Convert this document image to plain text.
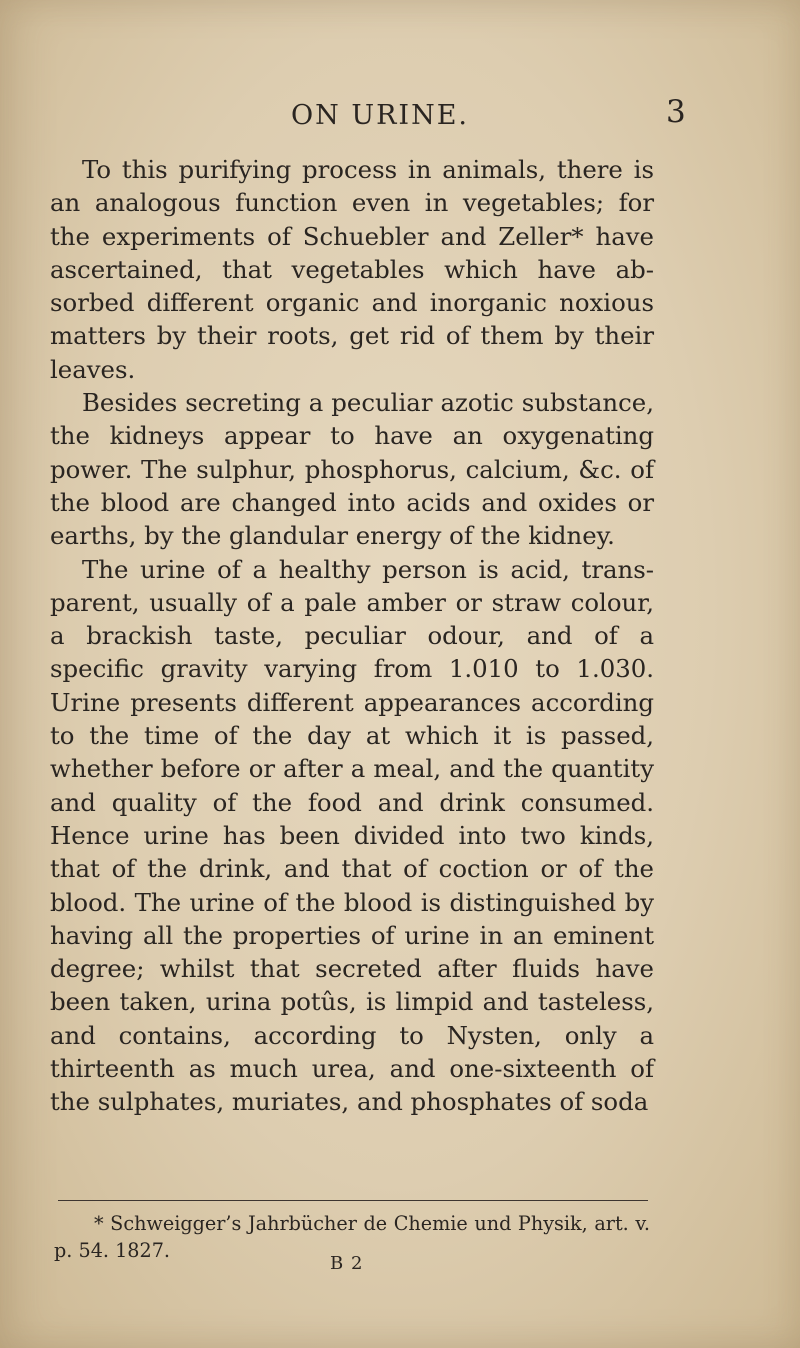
ON URINE.	3

To this purifying process in animals, there is an analogous function even in vegetables; for the experiments of Schuebler and Zeller* have ascertained, that vegetables which have absorbed different organic and inorganic noxious matters by their roots, get rid of them by their leaves.

Besides secreting a peculiar azotic substance, the kidneys appear to have an oxygenating power. The sulphur, phosphorus, calcium, &c. of the blood are changed into acids and oxides or earths, by the glandular energy of the kidney.

The urine of a healthy person is acid, transparent, usually of a pale amber or straw colour, a brackish taste, peculiar odour, and of a specific gravity varying from 1.010 to 1.030. Urine presents different appearances according to the time of the day at which it is passed, whether before or after a meal, and the quantity and quality of the food and drink consumed. Hence urine has been divided into two kinds, that of the drink, and that of coction or of the blood. The urine of the blood is distinguished by having all the properties of urine in an eminent degree; whilst that secreted after fluids have been taken, urina potûs, is limpid and tasteless, and contains, according to Nysten, only a thirteenth as much urea, and one-sixteenth of the sulphates, muriates, and phosphates of soda

* Schweigger’s Jahrbücher de Chemie und Physik, art. v. p. 54. 1827.

B 2
